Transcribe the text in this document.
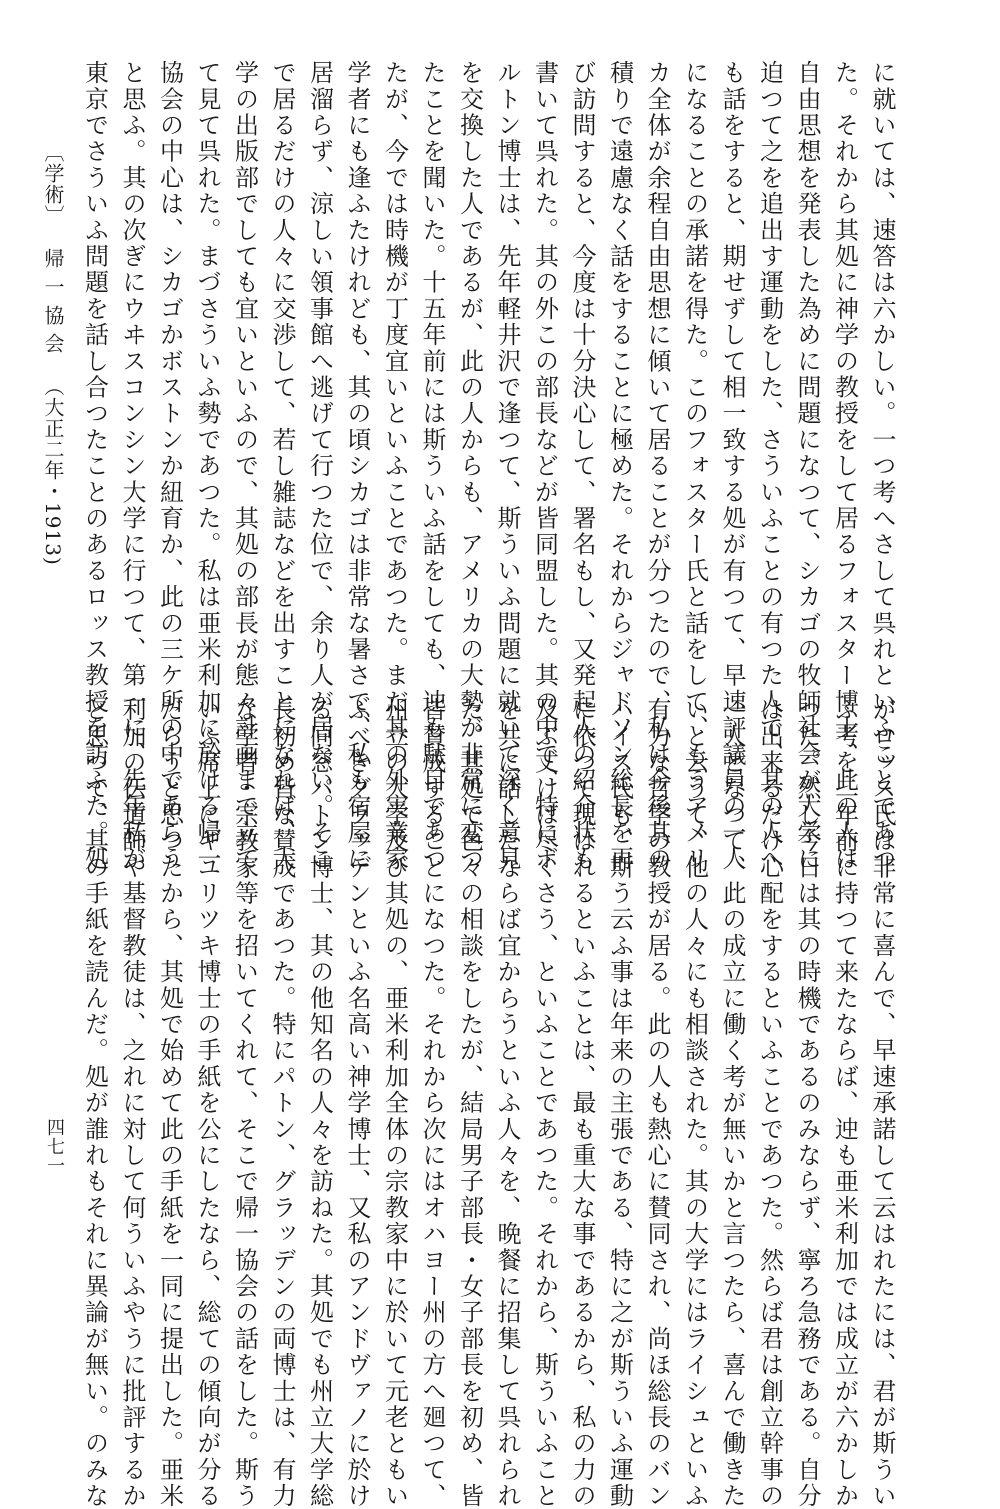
に就いては、速答は六かしい。一つ考へさして呉れといふことであつ
た。それから其処に神学の教授をして居るフォスター博士、此の人は
自由思想を発表した為めに問題になつて、シカゴの牧師社会が大学に
迫つて之を追出す運動をした、さういふことの有つた人で、其の人へ
も話をすると、期せずして相一致する処が有つて、早速評議員の一人
になることの承諾を得た。このフォスター氏と話をして、もうアメリ
カ全体が余程自由思想に傾いて居ることが分つたので、私は今後其の
積りで遠慮なく話をすることに極めた。それからジャドソン総長を再
び訪問すると、今度は十分決心して、署名もし、又発起人の紹介状も
書いて呉れた。其の外この部長などが皆同盟した。其の中で、特にボ
ルトン博士は、先年軽井沢で逢つて、斯ういふ問題に就いて深く意見
を交換した人であるが、此の人からも、アメリカの大勢が非常に変つ
たことを聞いた。十五年前には斯ういふ話をしても、迚も駄目であつ
たが、今では時機が丁度宜いといふことであつた。まだ其の外実業家
学者にも逢ふたけれども、其の頃シカゴは非常な暑さで、私も宿屋に
居溜らず、涼しい領事館へ逃げて行つた位で、余り人が居ない。そこ
で居るだけの人々に交渉して、若し雑誌などを出すことになれば、大
学の出版部でしても宜いといふので、其処の部長が態々計画まで立て
て見て呉れた。まづさういふ勢であつた。私は亜米利加に於ける帰一
協会の中心は、シカゴかボストンか紐育か、此の三ケ所の中であらう
と思ふ。其の次ぎにウヰスコンシン大学に行つて、第一に、先年私が
東京でさういふ問題を話し合つたことのあるロッス教授を訪ふた。処
がロッス氏は非常に喜んで、早速承諾して云はれたには、君が斯うい
ふ考を二年前に持つて来たならば、迚も亜米利加では成立が六かしか
つた。然し今日は其の時機であるのみならず、寧ろ急務である。自分
は出来るだけ心配をするといふことであつた。然らば君は創立幹事の
一人となつて、此の成立に働く考が無いかと言つたら、喜んで働きた
いと云うて、他の人々にも相談された。其の大学にはライシュといふ
有力な哲学の教授が居る。此の人も熱心に賛同され、尚ほ総長のバン
ハイス氏も、斯う云ふ事は年来の主張である、特に之が斯ういふ運動
に依つて現はれるといふことは、最も重大な事であるから、私の力の
及ぶ丈けは尽くさう、といふことであつた。それから、斯ういふこと
を共に話したならば宜からうといふ人々を、晩餐に招集して呉れられ
た。其処で色々の相談をしたが、結局男子部長・女子部長を初め、皆
皆賛成することになつた。それから次にはオハヨー州の方へ廻つて、
州立の大学及び其処の、亜米利加全体の宗教家中に於いて元老ともい
ふべきグラッデンといふ名高い神学博士、又私のアンドヴァノに於け
る同窓パトン博士、其の他知名の人々を訪ねた。其処でも州立大学総
長初め皆な賛成であつた。特にパトン、グラッデンの両博士は、有力
な学者・宗教家等を招いてくれて、そこで帰一協会の話をした。斯う
いふ席上にギユリツキ博士の手紙を公にしたなら、総ての傾向が分る
だらうと思つたから、其処で始めて此の手紙を一同に提出した。亜米
利加の伝道師や基督教徒は、之れに対して何ういふやうに批評するか
と思つて、其の手紙を読んだ。処が誰れもそれに異論が無い。のみな
〔学術〕帰 一 協 会（大正二年・1913)
四七一
